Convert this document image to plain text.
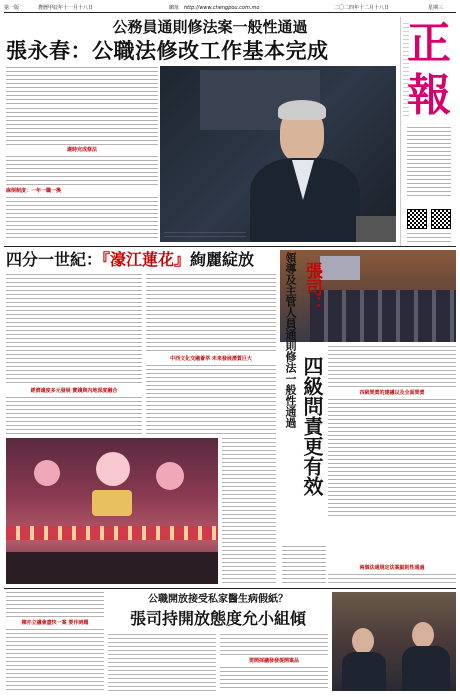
第一版	農曆甲辰年十一月十八日	網址 http://www.chengpou.com.mo	二〇二四年十二月十八日	星期三
公務員通則修法案一般性通過
張永春：公職法修改工作基本完成	正
報
適時完成修法
麻倒制度：一年一職一換
四分一世紀：『濠江蓮花』絢麗綻放
經濟適度多元發展 實踐與內地深度融合
中西文化交融薈萃 未來發展潛質巨大	領導及主管人員通則修法一般性通過 張司：
四級問責更有效	四級問責的建議以及全面問責
兩個法通規定法案細則性通過
陳亦立議會盡快一案 要作詞題
公職開放接受私家醫生病假紙？
張司持開放態度允小組傾
要開採議發發提開案品
